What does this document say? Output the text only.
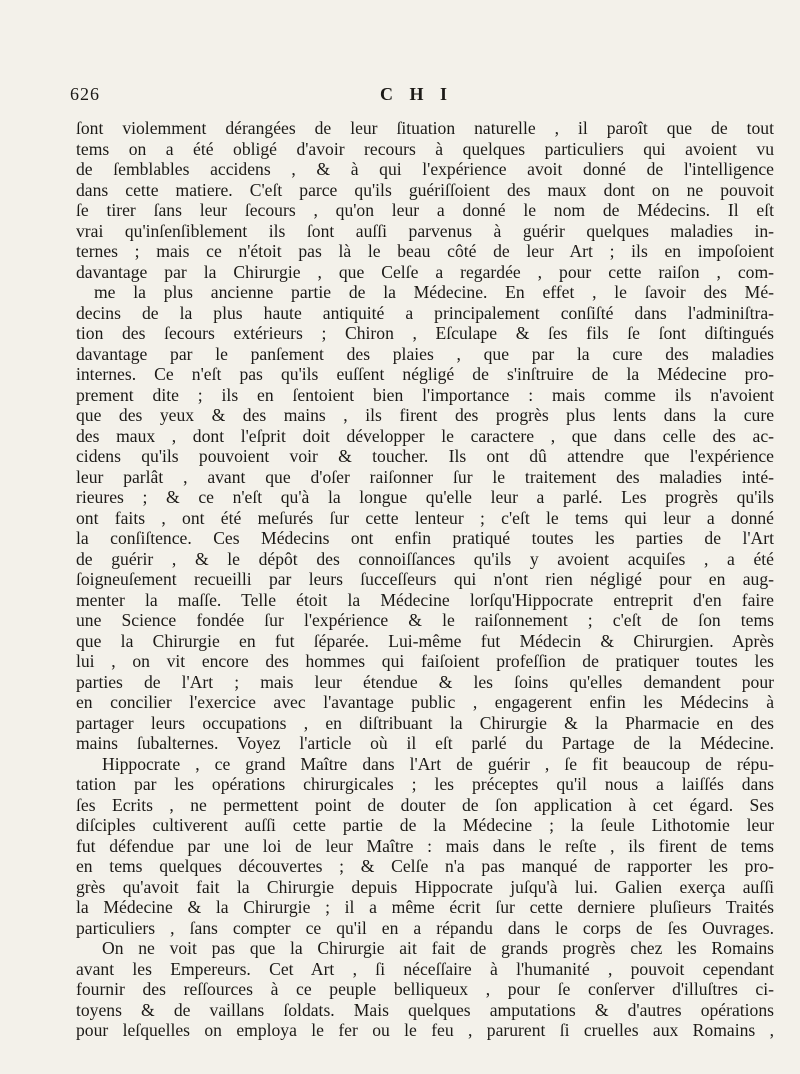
626	C H I
ſont violemment dérangées de leur ſituation naturelle , il paroît que de tout
tems on a été obligé d'avoir recours à quelques particuliers qui avoient vu
de ſemblables accidens , & à qui l'expérience avoit donné de l'intelligence
dans cette matiere. C'eſt parce qu'ils guériſſoient des maux dont on ne pouvoit
ſe tirer ſans leur ſecours , qu'on leur a donné le nom de Médecins. Il eſt
vrai qu'inſenſiblement ils ſont auſſi parvenus à guérir quelques maladies in-
ternes ; mais ce n'étoit pas là le beau côté de leur Art ; ils en impoſoient
davantage par la Chirurgie , que Celſe a regardée , pour cette raiſon , com-
me la plus ancienne partie de la Médecine. En effet , le ſavoir des Mé-
decins de la plus haute antiquité a principalement conſiſté dans l'adminiſtra-
tion des ſecours extérieurs ; Chiron , Eſculape & ſes fils ſe ſont diſtingués
davantage par le panſement des plaies , que par la cure des maladies
internes. Ce n'eſt pas qu'ils euſſent négligé de s'inſtruire de la Médecine pro-
prement dite ; ils en ſentoient bien l'importance : mais comme ils n'avoient
que des yeux & des mains , ils firent des progrès plus lents dans la cure
des maux , dont l'eſprit doit développer le caractere , que dans celle des ac-
cidens qu'ils pouvoient voir & toucher. Ils ont dû attendre que l'expérience
leur parlât , avant que d'oſer raiſonner ſur le traitement des maladies inté-
rieures ; & ce n'eſt qu'à la longue qu'elle leur a parlé. Les progrès qu'ils
ont faits , ont été meſurés ſur cette lenteur ; c'eſt le tems qui leur a donné
la conſiſtence. Ces Médecins ont enfin pratiqué toutes les parties de l'Art
de guérir , & le dépôt des connoiſſances qu'ils y avoient acquiſes , a été
ſoigneuſement recueilli par leurs ſucceſſeurs qui n'ont rien négligé pour en aug-
menter la maſſe. Telle étoit la Médecine lorſqu'Hippocrate entreprit d'en faire
une Science fondée ſur l'expérience & le raiſonnement ; c'eſt de ſon tems
que la Chirurgie en fut ſéparée. Lui-même fut Médecin & Chirurgien. Après
lui , on vit encore des hommes qui faiſoient profeſſion de pratiquer toutes les
parties de l'Art ; mais leur étendue & les ſoins qu'elles demandent pour
en concilier l'exercice avec l'avantage public , engagerent enfin les Médecins à
partager leurs occupations , en diſtribuant la Chirurgie & la Pharmacie en des
mains ſubalternes. Voyez l'article où il eſt parlé du Partage de la Médecine.
Hippocrate , ce grand Maître dans l'Art de guérir , ſe fit beaucoup de répu-
tation par les opérations chirurgicales ; les préceptes qu'il nous a laiſſés dans
ſes Ecrits , ne permettent point de douter de ſon application à cet égard. Ses
diſciples cultiverent auſſi cette partie de la Médecine ; la ſeule Lithotomie leur
fut défendue par une loi de leur Maître : mais dans le reſte , ils firent de tems
en tems quelques découvertes ; & Celſe n'a pas manqué de rapporter les pro-
grès qu'avoit fait la Chirurgie depuis Hippocrate juſqu'à lui. Galien exerça auſſi
la Médecine & la Chirurgie ; il a même écrit ſur cette derniere pluſieurs Traités
particuliers , ſans compter ce qu'il en a répandu dans le corps de ſes Ouvrages.
On ne voit pas que la Chirurgie ait fait de grands progrès chez les Romains
avant les Empereurs. Cet Art , ſi néceſſaire à l'humanité , pouvoit cependant
fournir des reſſources à ce peuple belliqueux , pour ſe conſerver d'illuſtres ci-
toyens & de vaillans ſoldats. Mais quelques amputations & d'autres opérations
pour leſquelles on employa le fer ou le feu , parurent ſi cruelles aux Romains ,
